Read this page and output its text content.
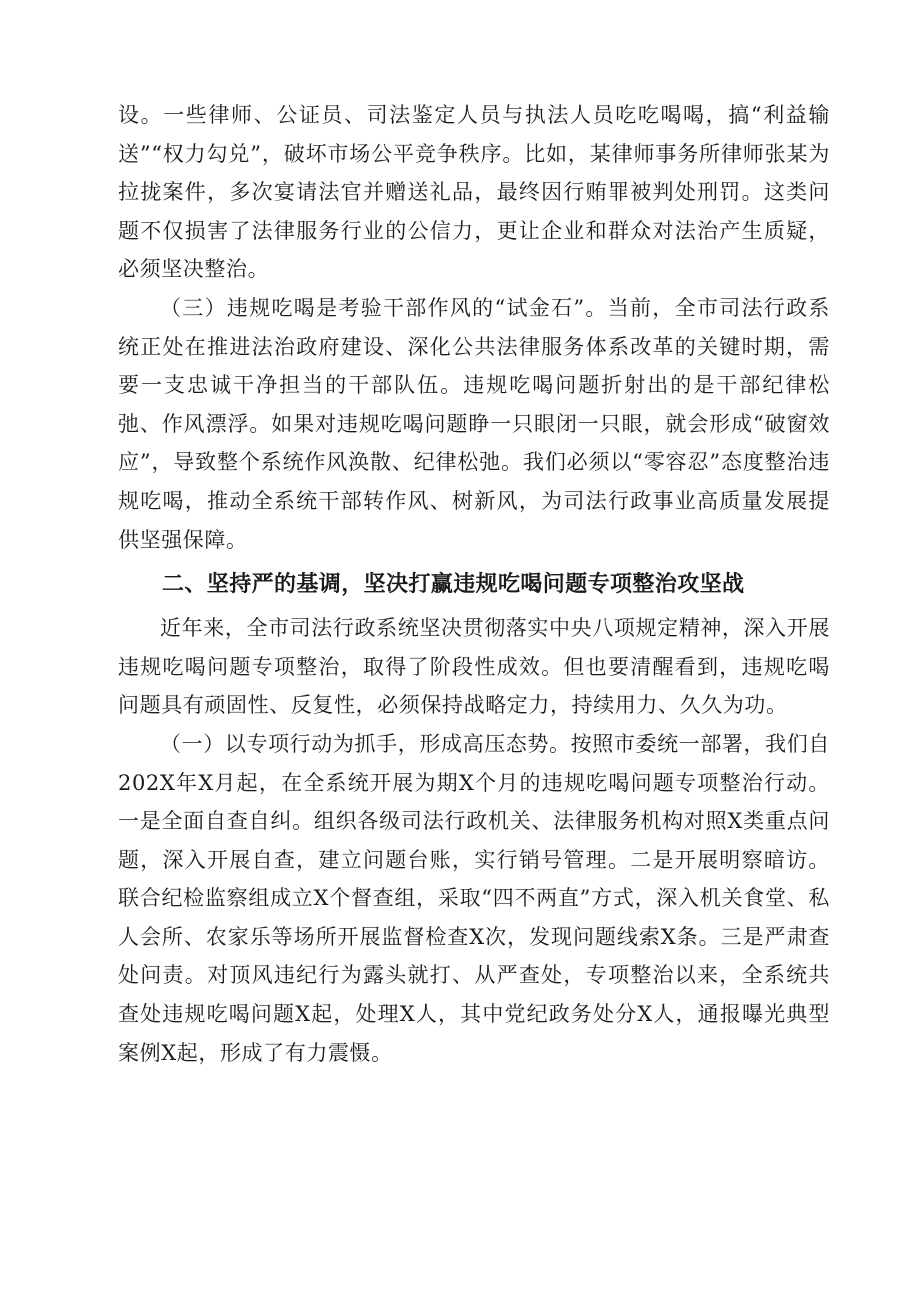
设。一些律师、公证员、司法鉴定人员与执法人员吃吃喝喝，搞“利益输送”“权力勾兑”，破坏市场公平竞争秩序。比如，某律师事务所律师张某为拉拢案件，多次宴请法官并赠送礼品，最终因行贿罪被判处刑罚。这类问题不仅损害了法律服务行业的公信力，更让企业和群众对法治产生质疑，必须坚决整治。

（三）违规吃喝是考验干部作风的“试金石”。当前，全市司法行政系统正处在推进法治政府建设、深化公共法律服务体系改革的关键时期，需要一支忠诚干净担当的干部队伍。违规吃喝问题折射出的是干部纪律松弛、作风漂浮。如果对违规吃喝问题睁一只眼闭一只眼，就会形成“破窗效应”，导致整个系统作风涣散、纪律松弛。我们必须以“零容忍”态度整治违规吃喝，推动全系统干部转作风、树新风，为司法行政事业高质量发展提供坚强保障。

二、坚持严的基调，坚决打赢违规吃喝问题专项整治攻坚战

近年来，全市司法行政系统坚决贯彻落实中央八项规定精神，深入开展违规吃喝问题专项整治，取得了阶段性成效。但也要清醒看到，违规吃喝问题具有顽固性、反复性，必须保持战略定力，持续用力、久久为功。

（一）以专项行动为抓手，形成高压态势。按照市委统一部署，我们自202X年X月起，在全系统开展为期X个月的违规吃喝问题专项整治行动。一是全面自查自纠。组织各级司法行政机关、法律服务机构对照X类重点问题，深入开展自查，建立问题台账，实行销号管理。二是开展明察暗访。联合纪检监察组成立X个督查组，采取“四不两直”方式，深入机关食堂、私人会所、农家乐等场所开展监督检查X次，发现问题线索X条。三是严肃查处问责。对顶风违纪行为露头就打、从严查处，专项整治以来，全系统共查处违规吃喝问题X起，处理X人，其中党纪政务处分X人，通报曝光典型案例X起，形成了有力震慑。
